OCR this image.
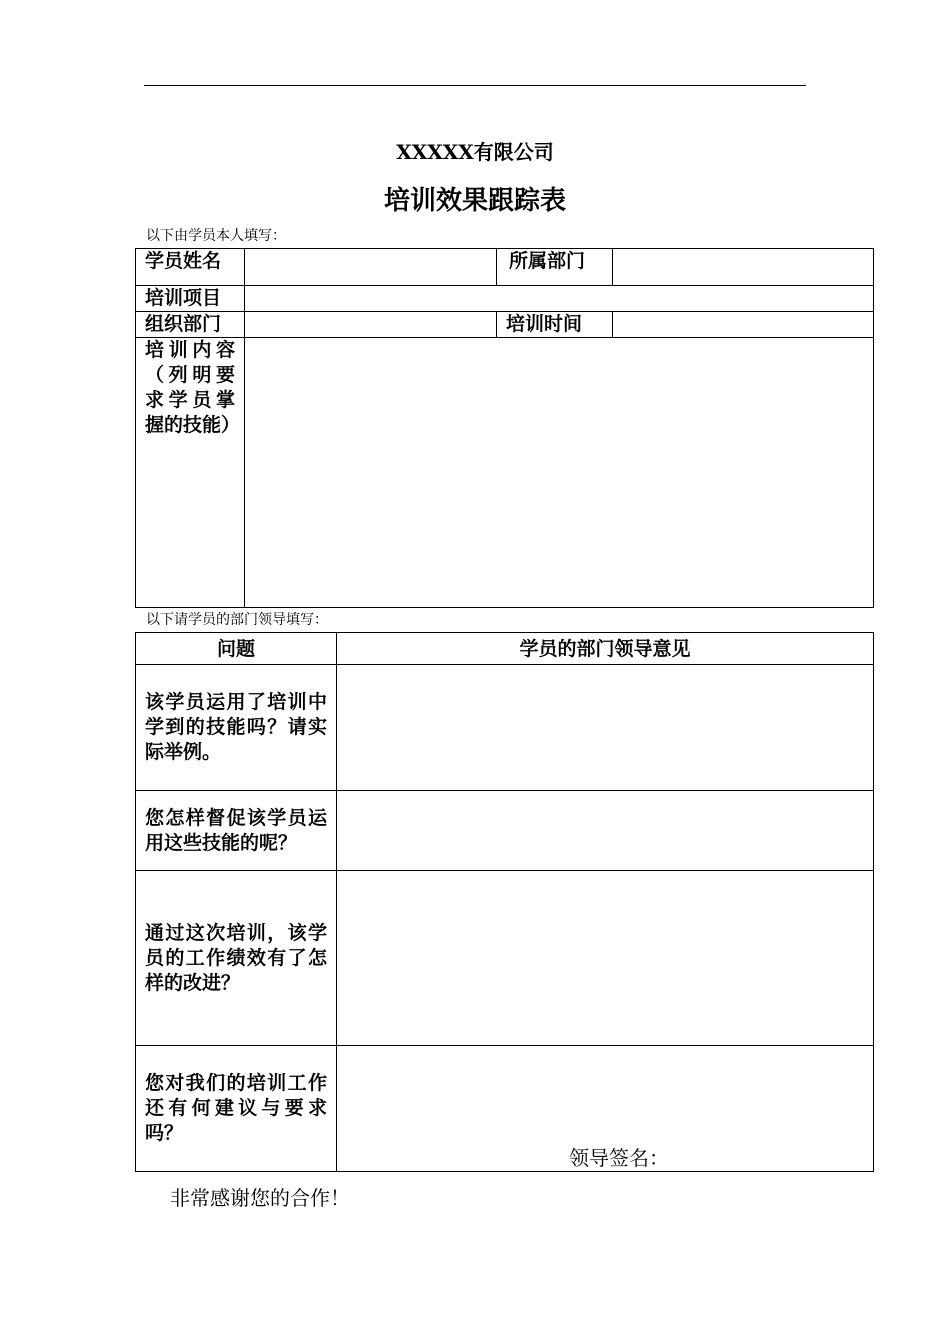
XXXXX有限公司
培训效果跟踪表
以下由学员本人填写：
学员姓名		所属部门	
培训项目			
组织部门		培训时间	
培训内容（列明要求学员掌握的技能）			
以下请学员的部门领导填写：
问题	学员的部门领导意见
该学员运用了培训中学到的技能吗？请实际举例。	
您怎样督促该学员运用这些技能的呢？	
通过这次培训，该学员的工作绩效有了怎样的改进？	
您对我们的培训工作还有何建议与要求吗？	领导签名：
非常感谢您的合作！
